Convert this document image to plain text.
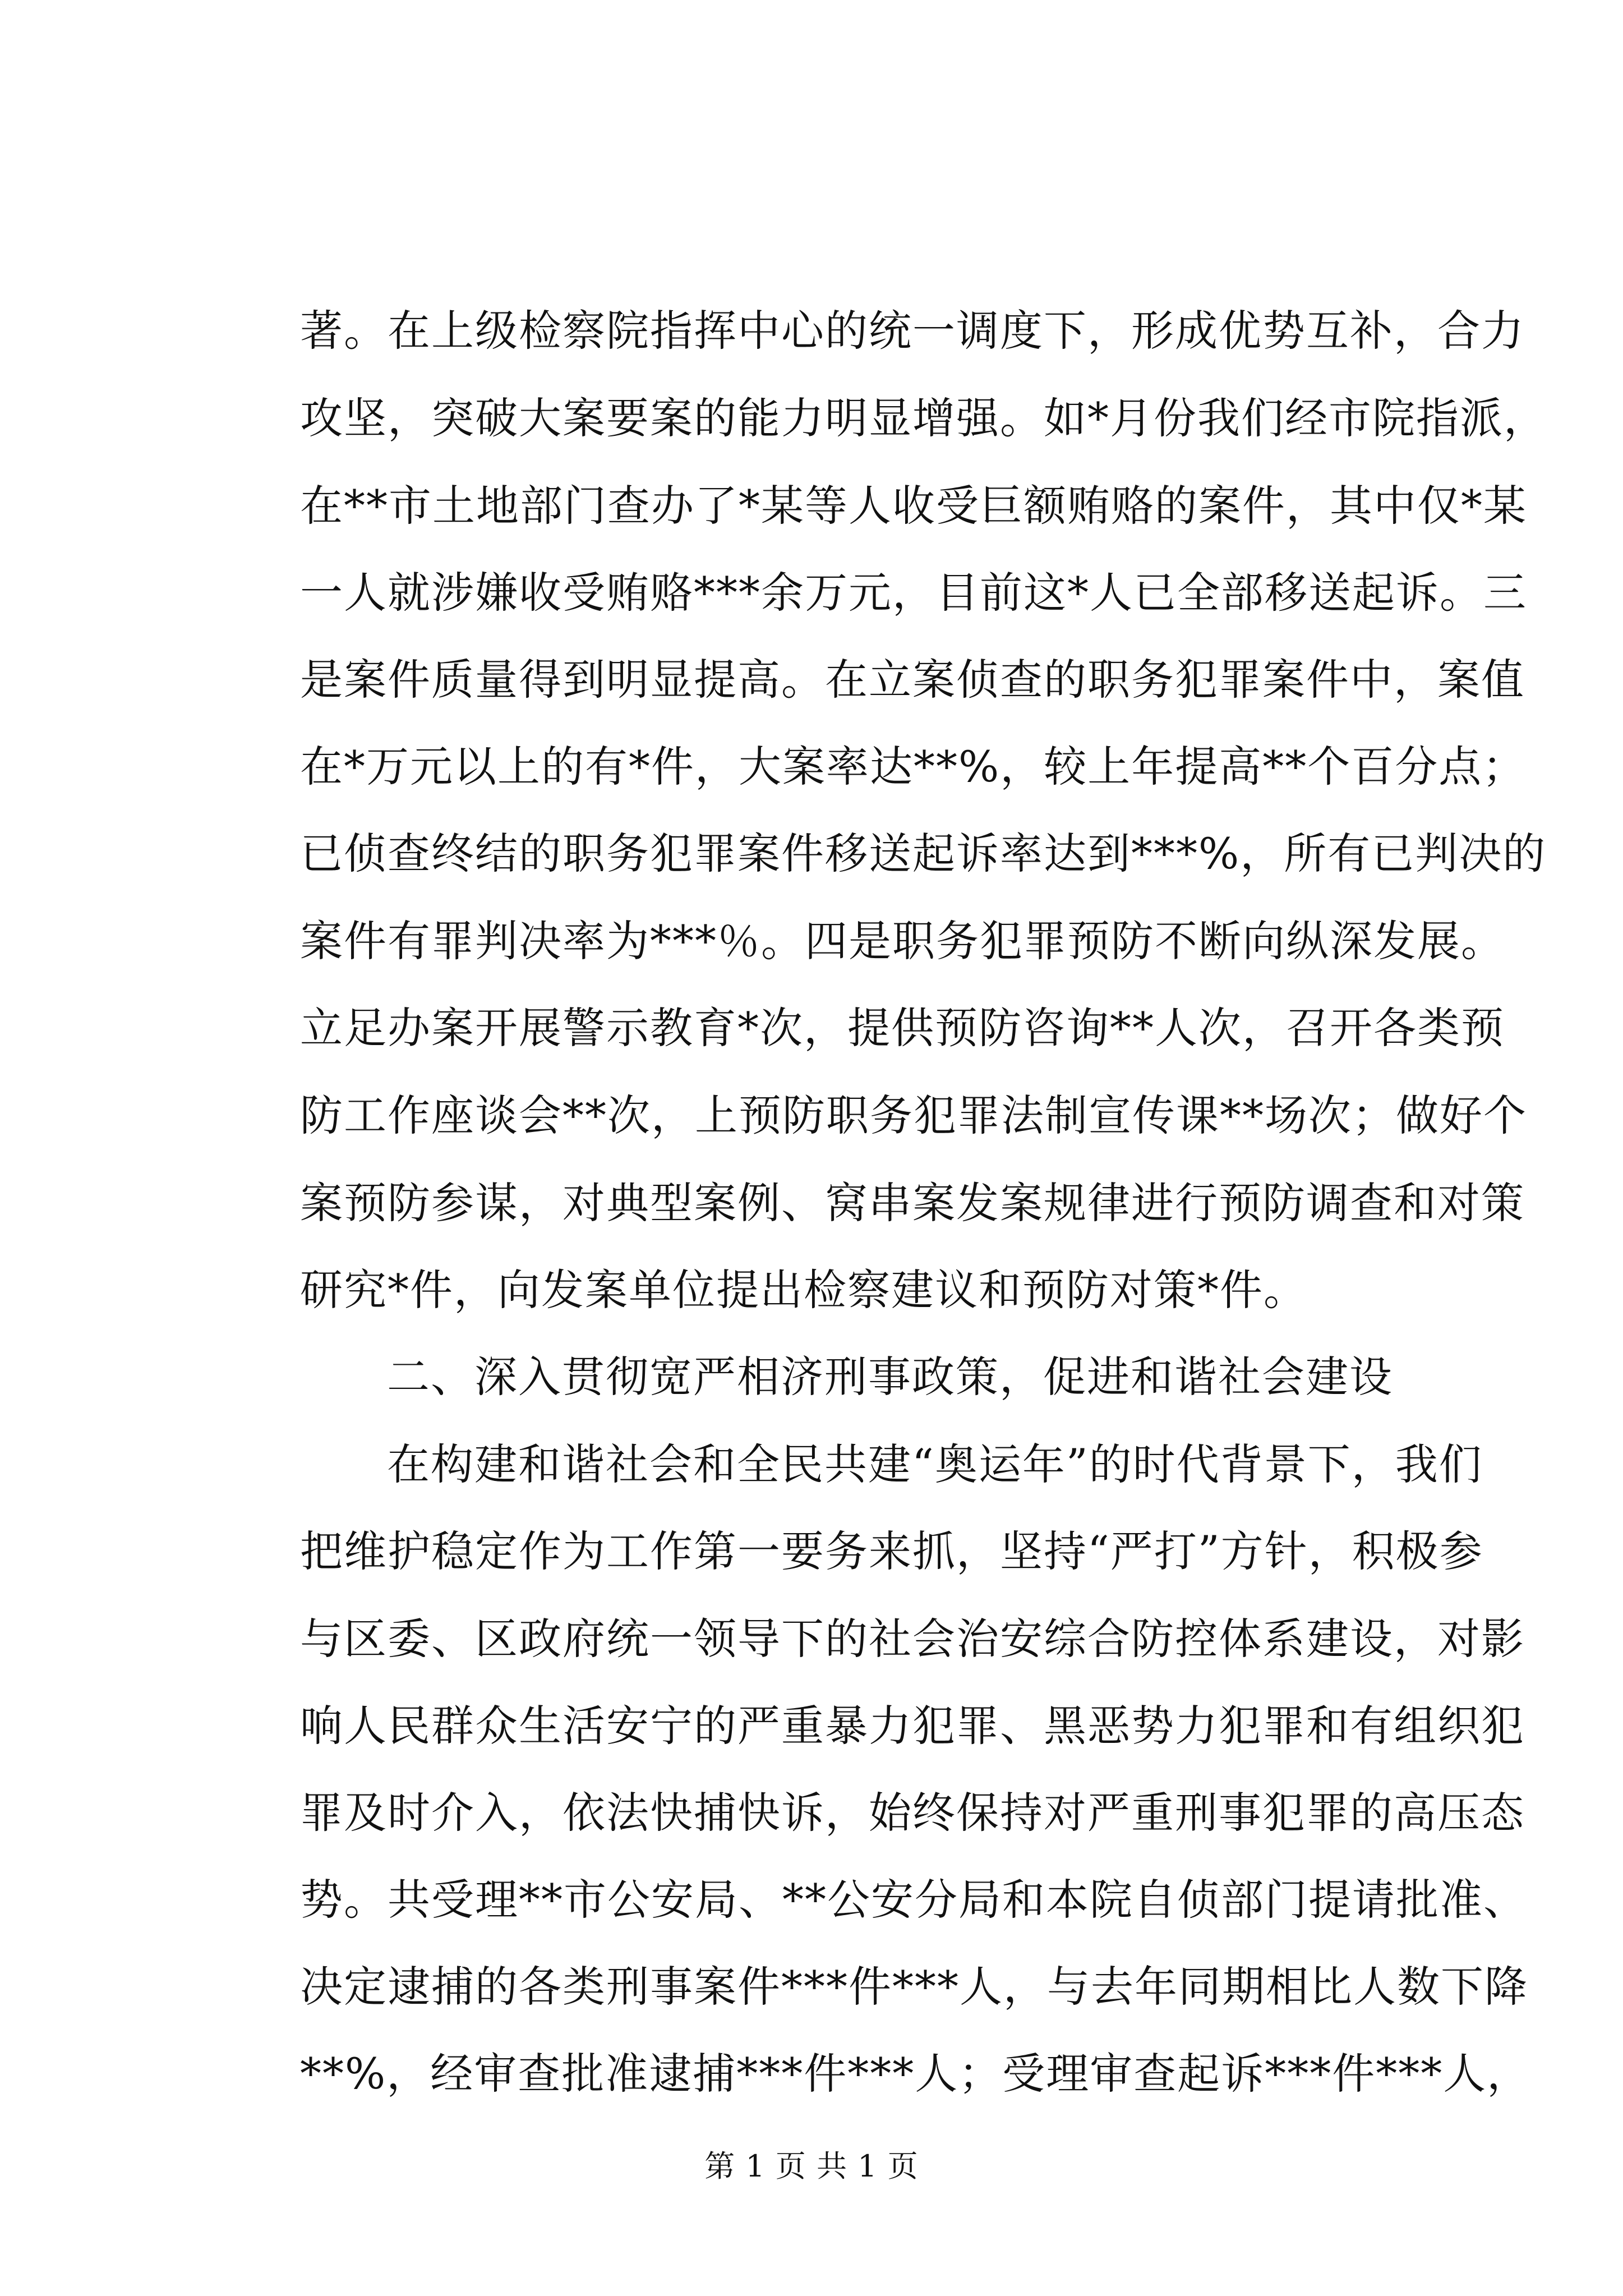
著。在上级检察院指挥中心的统一调度下，形成优势互补，合力
攻坚，突破大案要案的能力明显增强。如*月份我们经市院指派，
在**市土地部门查办了*某等人收受巨额贿赂的案件，其中仅*某
一人就涉嫌收受贿赂***余万元，目前这*人已全部移送起诉。三
是案件质量得到明显提高。在立案侦查的职务犯罪案件中，案值
在*万元以上的有*件，大案率达**%，较上年提高**个百分点；
已侦查终结的职务犯罪案件移送起诉率达到***%，所有已判决的
案件有罪判决率为***％。四是职务犯罪预防不断向纵深发展。
立足办案开展警示教育*次，提供预防咨询**人次，召开各类预
防工作座谈会**次，上预防职务犯罪法制宣传课**场次；做好个
案预防参谋，对典型案例、窝串案发案规律进行预防调查和对策
研究*件，向发案单位提出检察建议和预防对策*件。
二、深入贯彻宽严相济刑事政策，促进和谐社会建设
在构建和谐社会和全民共建“奥运年”的时代背景下，我们
把维护稳定作为工作第一要务来抓，坚持“严打”方针，积极参
与区委、区政府统一领导下的社会治安综合防控体系建设，对影
响人民群众生活安宁的严重暴力犯罪、黑恶势力犯罪和有组织犯
罪及时介入，依法快捕快诉，始终保持对严重刑事犯罪的高压态
势。共受理**市公安局、**公安分局和本院自侦部门提请批准、
决定逮捕的各类刑事案件***件***人，与去年同期相比人数下降
**%，经审查批准逮捕***件***人；受理审查起诉***件***人，
第 1 页 共 1 页
